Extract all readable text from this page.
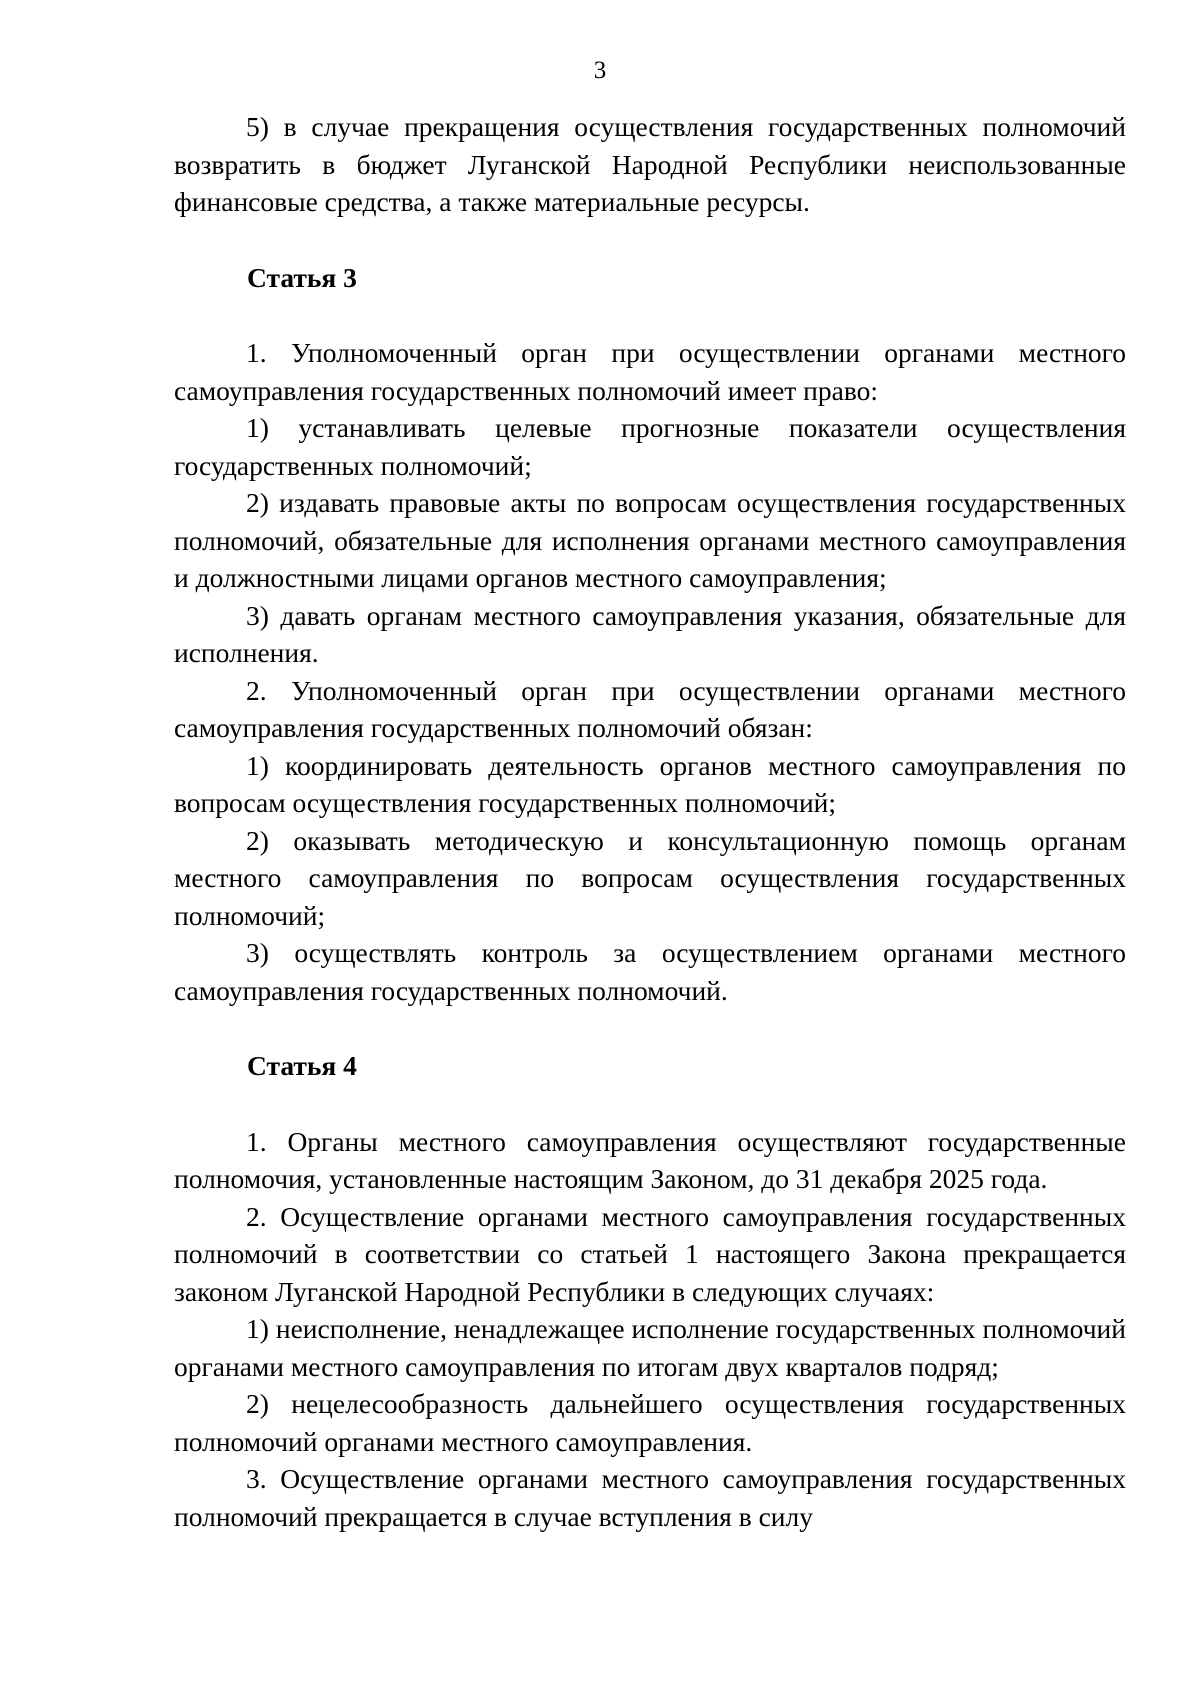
3

5) в случае прекращения осуществления государственных полномочий возвратить в бюджет Луганской Народной Республики неиспользованные финансовые средства, а также материальные ресурсы.

Статья 3

1. Уполномоченный орган при осуществлении органами местного самоуправления государственных полномочий имеет право:

1) устанавливать целевые прогнозные показатели осуществления государственных полномочий;

2) издавать правовые акты по вопросам осуществления государственных полномочий, обязательные для исполнения органами местного самоуправления и должностными лицами органов местного самоуправления;

3) давать органам местного самоуправления указания, обязательные для исполнения.

2. Уполномоченный орган при осуществлении органами местного самоуправления государственных полномочий обязан:

1) координировать деятельность органов местного самоуправления по вопросам осуществления государственных полномочий;

2) оказывать методическую и консультационную помощь органам местного самоуправления по вопросам осуществления государственных полномочий;

3) осуществлять контроль за осуществлением органами местного самоуправления государственных полномочий.

Статья 4

1. Органы местного самоуправления осуществляют государственные полномочия, установленные настоящим Законом, до 31 декабря 2025 года.

2. Осуществление органами местного самоуправления государственных полномочий в соответствии со статьей 1 настоящего Закона прекращается законом Луганской Народной Республики в следующих случаях:

1) неисполнение, ненадлежащее исполнение государственных полномочий органами местного самоуправления по итогам двух кварталов подряд;

2) нецелесообразность дальнейшего осуществления государственных полномочий органами местного самоуправления.

3. Осуществление органами местного самоуправления государственных полномочий прекращается в случае вступления в силу
